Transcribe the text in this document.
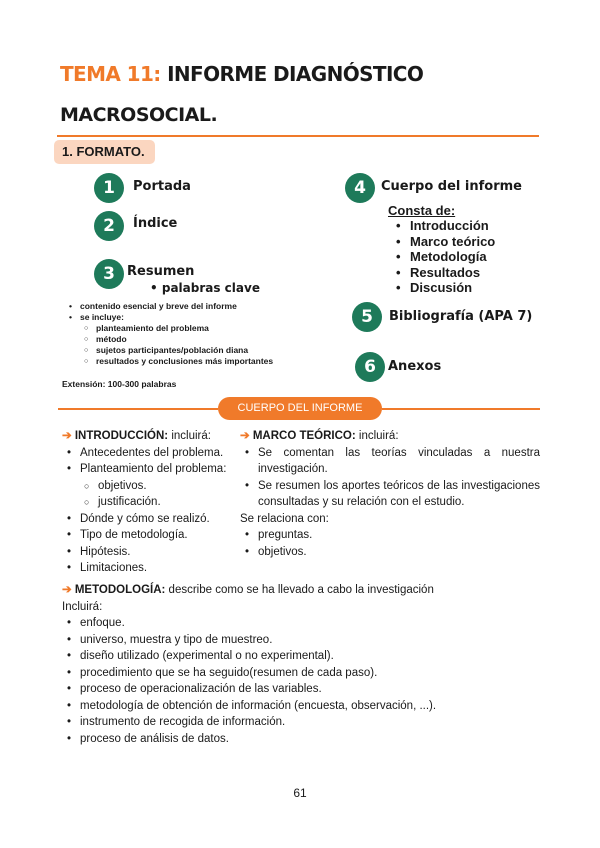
TEMA 11: INFORME DIAGNÓSTICO
MACROSOCIAL.
1. FORMATO.
1	Portada
2	Índice
3 Resumen
• palabras clave
• contenido esencial y breve del informe
• se incluye:
○ planteamiento del problema
○ método
○ sujetos participantes/población diana
○ resultados y conclusiones más importantes
Extensión: 100-300 palabras
4	Cuerpo del informe
Consta de:
• Introducción
• Marco teórico
• Metodología
• Resultados
• Discusión
5	Bibliografía (APA 7)
6 Anexos
CUERPO DEL INFORME
➔ INTRODUCCIÓN: incluirá:
• Antecedentes del problema.
• Planteamiento del problema:
○ objetivos.
○ justificación.
• Dónde y cómo se realizó.
• Tipo de metodología.
• Hipótesis.
• Limitaciones.
➔ MARCO TEÓRICO: incluirá:
• Se comentan las teorías vinculadas a nuestra investigación.
• Se resumen los aportes teóricos de las investigaciones consultadas y su relación con el estudio.
Se relaciona con:
• preguntas.
• objetivos.
➔ METODOLOGÍA: describe como se ha llevado a cabo la investigación
Incluirá:
• enfoque.
• universo, muestra y tipo de muestreo.
• diseño utilizado (experimental o no experimental).
• procedimiento que se ha seguido(resumen de cada paso).
• proceso de operacionalización de las variables.
• metodología de obtención de información (encuesta, observación, ...).
• instrumento de recogida de información.
• proceso de análisis de datos.
61
